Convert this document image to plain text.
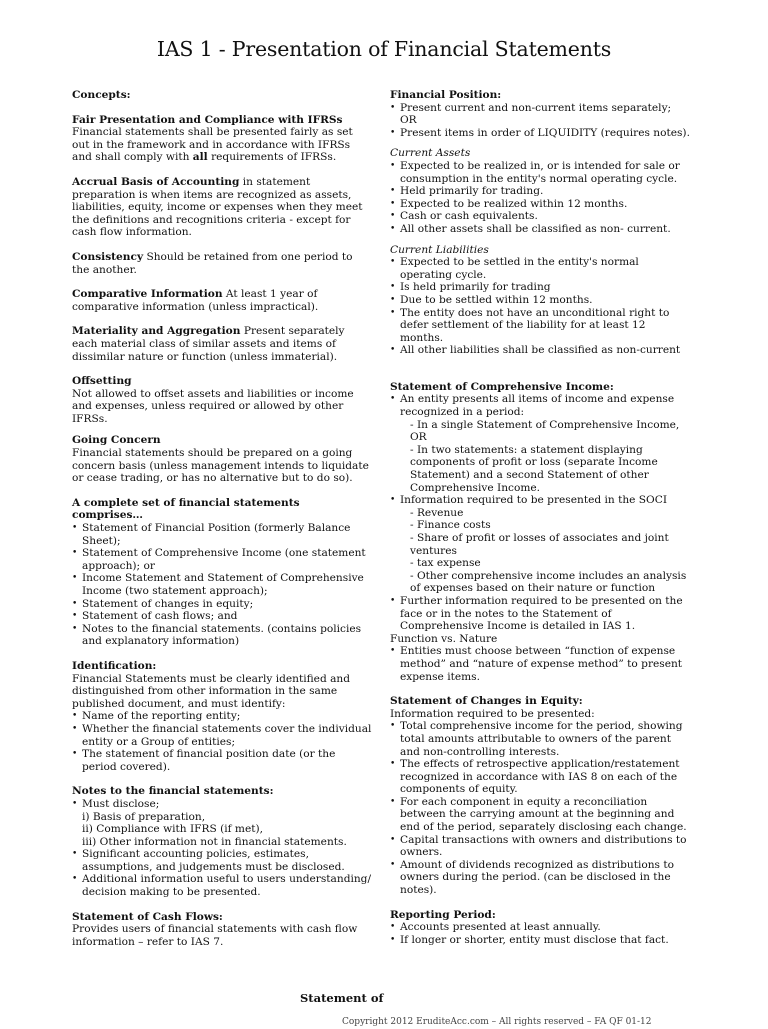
IAS 1 - Presentation of Financial Statements
Concepts:
Fair Presentation and Compliance with IFRSs

Financial statements shall be presented fairly as set out in the framework and in accordance with IFRSs and shall comply with all requirements of IFRSs.

Accrual Basis of Accounting in statement preparation is when items are recognized as assets, liabilities, equity, income or expenses when they meet the definitions and recognitions criteria - except for cash flow information.

Consistency Should be retained from one period to the another.

Comparative Information At least 1 year of comparative information (unless impractical).

Materiality and Aggregation Present separately each material class of similar assets and items of dissimilar nature or function (unless immaterial).

Offsetting

Not allowed to offset assets and liabilities or income and expenses, unless required or allowed by other IFRSs.

Going Concern

Financial statements should be prepared on a going concern basis (unless management intends to liquidate or cease trading, or has no alternative but to do so).

A complete set of financial statements comprises…
• Statement of Financial Position (formerly Balance Sheet);
• Statement of Comprehensive Income (one statement approach); or
• Income Statement and Statement of Comprehensive Income (two statement approach);
• Statement of changes in equity;
• Statement of cash flows; and
• Notes to the financial statements. (contains policies and explanatory information)
Identification:

Financial Statements must be clearly identified and distinguished from other information in the same published document, and must identify:

• Name of the reporting entity;
• Whether the financial statements cover the individual entity or a Group of entities;
• The statement of financial position date (or the period covered).
Notes to the financial statements:
• Must disclose;
i) Basis of preparation,
ii) Compliance with IFRS (if met),
iii) Other information not in financial statements.
• Significant accounting policies, estimates, assumptions, and judgements must be disclosed.
• Additional information useful to users understanding/ decision making to be presented.
Statement of Cash Flows:

Provides users of financial statements with cash flow information – refer to IAS 7.

Financial Position:
• Present current and non-current items separately; OR
• Present items in order of LIQUIDITY (requires notes).
Current Assets
• Expected to be realized in, or is intended for sale or consumption in the entity's normal operating cycle.
• Held primarily for trading.
• Expected to be realized within 12 months.
• Cash or cash equivalents.
• All other assets shall be classified as non- current.
Current Liabilities
• Expected to be settled in the entity's normal operating cycle.
• Is held primarily for trading
• Due to be settled within 12 months.
• The entity does not have an unconditional right to defer settlement of the liability for at least 12 months.
• All other liabilities shall be classified as non-current
Statement of Comprehensive Income:
• An entity presents all items of income and expense recognized in a period:
- In a single Statement of Comprehensive Income, OR
- In two statements: a statement displaying components of profit or loss (separate Income Statement) and a second Statement of other Comprehensive Income.
• Information required to be presented in the SOCI
- Revenue
- Finance costs
- Share of profit or losses of associates and joint ventures
- tax expense
- Other comprehensive income includes an analysis of expenses based on their nature or function
• Further information required to be presented on the face or in the notes to the Statement of Comprehensive Income is detailed in IAS 1.
Function vs. Nature
• Entities must choose between “function of expense method” and “nature of expense method” to present expense items.
Statement of Changes in Equity:

Information required to be presented:

• Total comprehensive income for the period, showing total amounts attributable to owners of the parent and non-controlling interests.
• The effects of retrospective application/restatement recognized in accordance with IAS 8 on each of the components of equity.
• For each component in equity a reconciliation between the carrying amount at the beginning and end of the period, separately disclosing each change.
• Capital transactions with owners and distributions to owners.
• Amount of dividends recognized as distributions to owners during the period. (can be disclosed in the notes).
Reporting Period:
• Accounts presented at least annually.
• If longer or shorter, entity must disclose that fact.
Statement of
Copyright 2012 EruditeAcc.com – All rights reserved – FA QF 01-12
